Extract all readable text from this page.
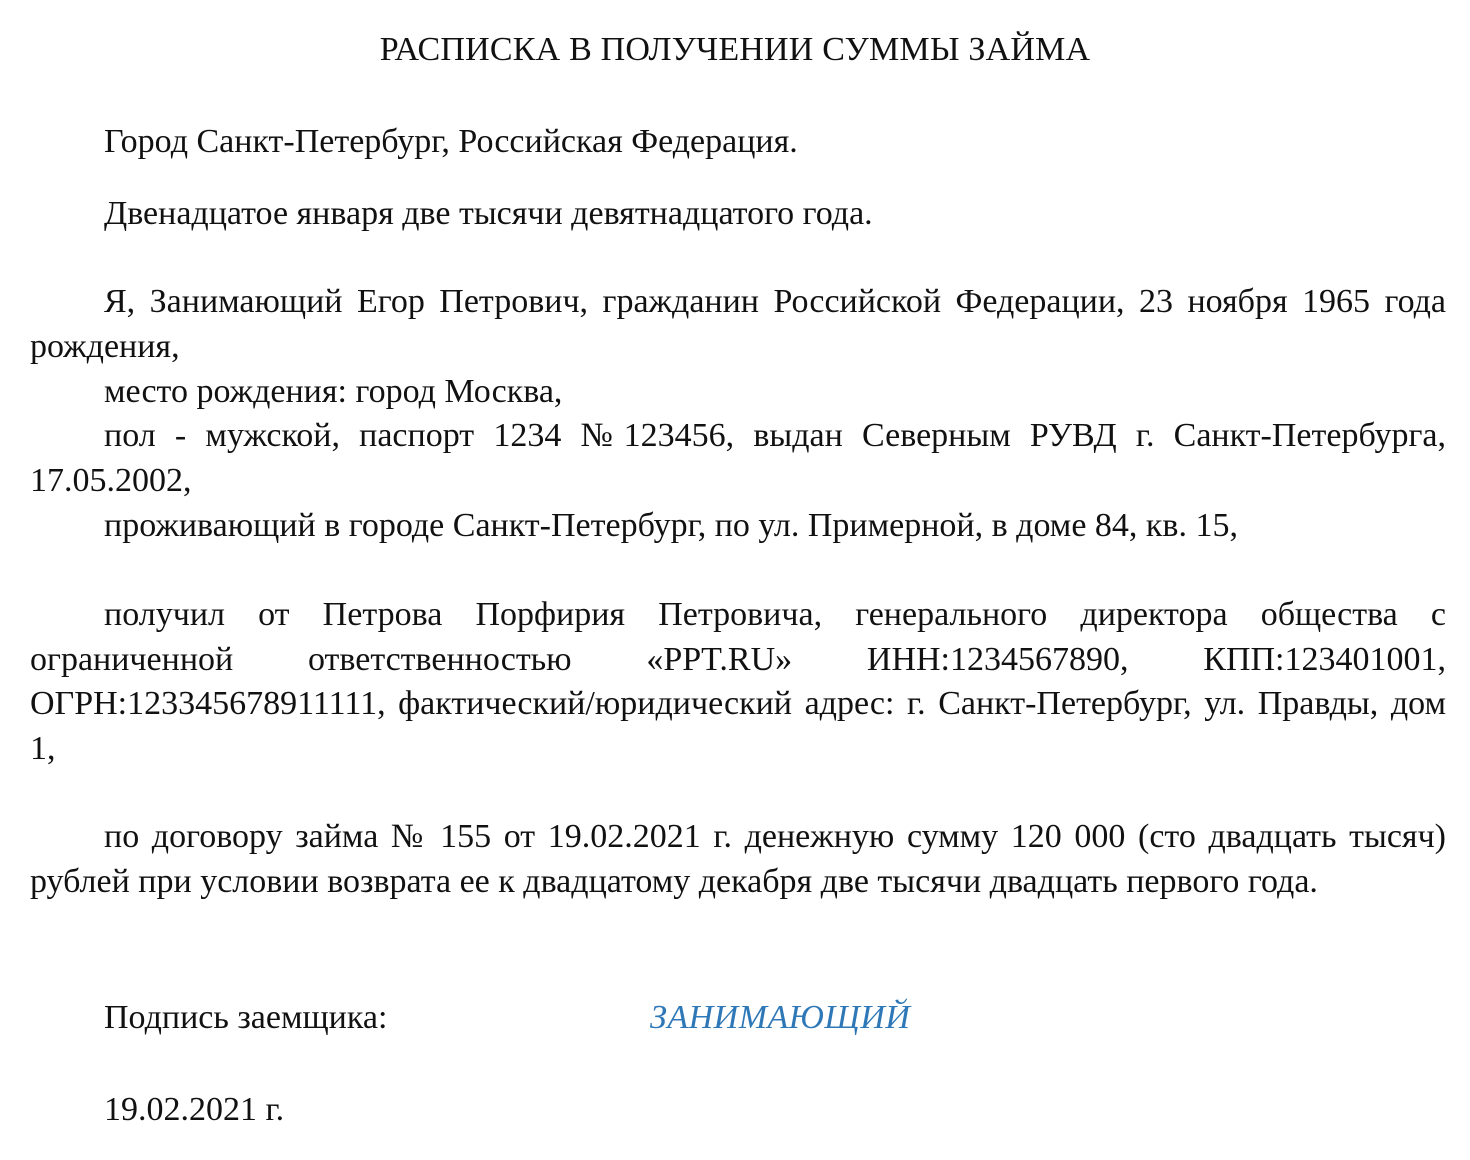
РАСПИСКА В ПОЛУЧЕНИИ СУММЫ ЗАЙМА
Город Санкт-Петербург, Российская Федерация.
Двенадцатое января две тысячи девятнадцатого года.
Я, Занимающий Егор Петрович, гражданин Российской Федерации, 23 ноября 1965 года рождения,
место рождения: город Москва,
пол - мужской, паспорт 1234 №123456, выдан Северным РУВД г. Санкт-Петербурга, 17.05.2002,
проживающий в городе Санкт-Петербург, по ул. Примерной, в доме 84, кв. 15,
получил от Петрова Порфирия Петровича, генерального директора общества с ограниченной ответственностью «PPT.RU» ИНН:1234567890, КПП:123401001, ОГРН:123345678911111, фактический/юридический адрес: г. Санкт-Петербург, ул. Правды, дом 1,
по договору займа № 155 от 19.02.2021 г. денежную сумму 120 000 (сто двадцать тысяч) рублей при условии возврата ее к двадцатому декабря две тысячи двадцать первого года.
Подпись заемщика:	ЗАНИМАЮЩИЙ
19.02.2021 г.
